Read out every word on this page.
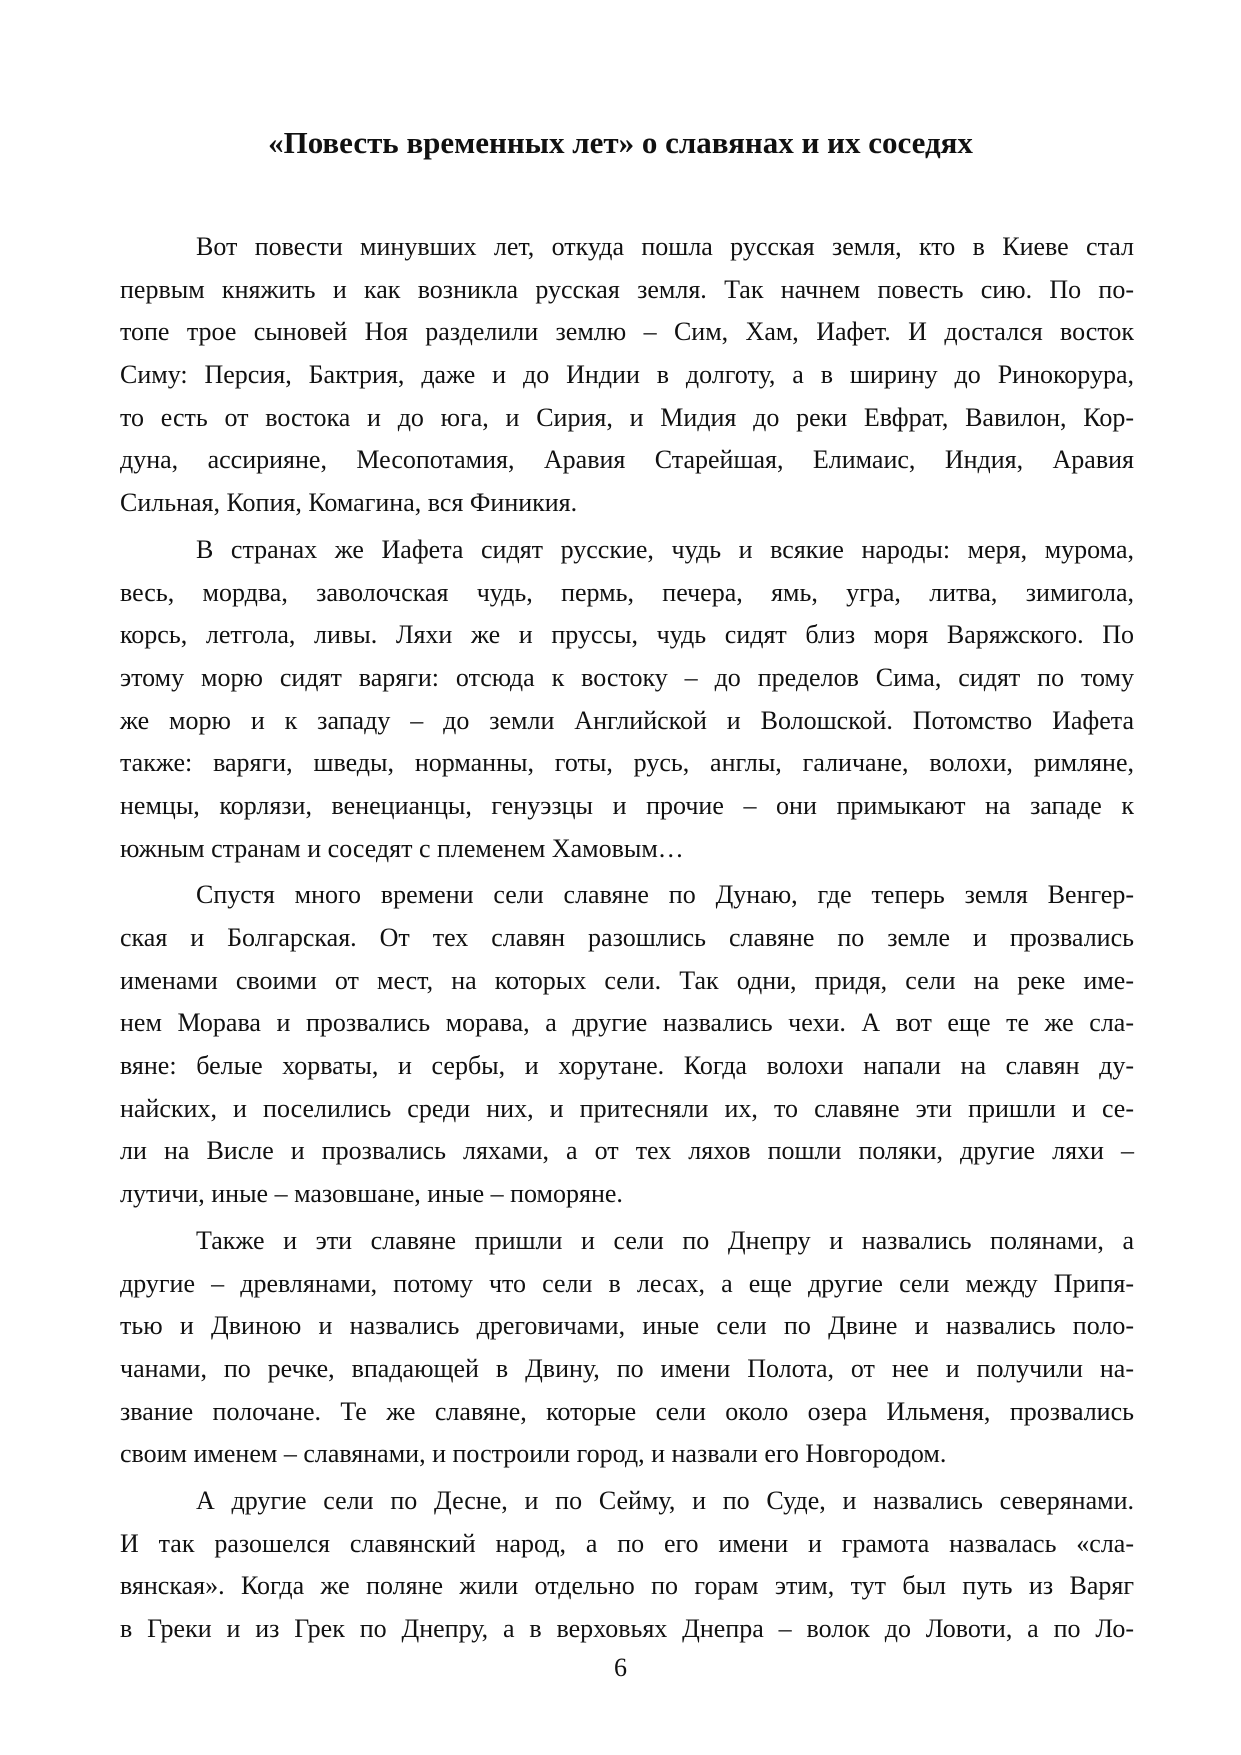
«Повесть временных лет» о славянах и их соседях
Вот повести минувших лет, откуда пошла русская земля, кто в Киеве стал
первым княжить и как возникла русская земля. Так начнем повесть сию. По по-
топе трое сыновей Ноя разделили землю – Сим, Хам, Иафет. И достался восток
Симу: Персия, Бактрия, даже и до Индии в долготу, а в ширину до Ринокорура,
то есть от востока и до юга, и Сирия, и Мидия до реки Евфрат, Вавилон, Кор-
дуна, ассирияне, Месопотамия, Аравия Старейшая, Елимаис, Индия, Аравия
Сильная, Копия, Комагина, вся Финикия.
В странах же Иафета сидят русские, чудь и всякие народы: меря, мурома,
весь, мордва, заволочская чудь, пермь, печера, ямь, угра, литва, зимигола,
корсь, летгола, ливы. Ляхи же и пруссы, чудь сидят близ моря Варяжского. По
этому морю сидят варяги: отсюда к востоку – до пределов Сима, сидят по тому
же морю и к западу – до земли Английской и Волошской. Потомство Иафета
также: варяги, шведы, норманны, готы, русь, англы, галичане, волохи, римляне,
немцы, корлязи, венецианцы, генуэзцы и прочие – они примыкают на западе к
южным странам и соседят с племенем Хамовым…
Спустя много времени сели славяне по Дунаю, где теперь земля Венгер-
ская и Болгарская. От тех славян разошлись славяне по земле и прозвались
именами своими от мест, на которых сели. Так одни, придя, сели на реке име-
нем Морава и прозвались морава, а другие назвались чехи. А вот еще те же сла-
вяне: белые хорваты, и сербы, и хорутане. Когда волохи напали на славян ду-
найских, и поселились среди них, и притесняли их, то славяне эти пришли и се-
ли на Висле и прозвались ляхами, а от тех ляхов пошли поляки, другие ляхи –
лутичи, иные – мазовшане, иные – поморяне.
Также и эти славяне пришли и сели по Днепру и назвались полянами, а
другие – древлянами, потому что сели в лесах, а еще другие сели между Припя-
тью и Двиною и назвались дреговичами, иные сели по Двине и назвались поло-
чанами, по речке, впадающей в Двину, по имени Полота, от нее и получили на-
звание полочане. Те же славяне, которые сели около озера Ильменя, прозвались
своим именем – славянами, и построили город, и назвали его Новгородом.
А другие сели по Десне, и по Сейму, и по Суде, и назвались северянами.
И так разошелся славянский народ, а по его имени и грамота назвалась «сла-
вянская». Когда же поляне жили отдельно по горам этим, тут был путь из Варяг
в Греки и из Грек по Днепру, а в верховьях Днепра – волок до Ловоти, а по Ло-
6
